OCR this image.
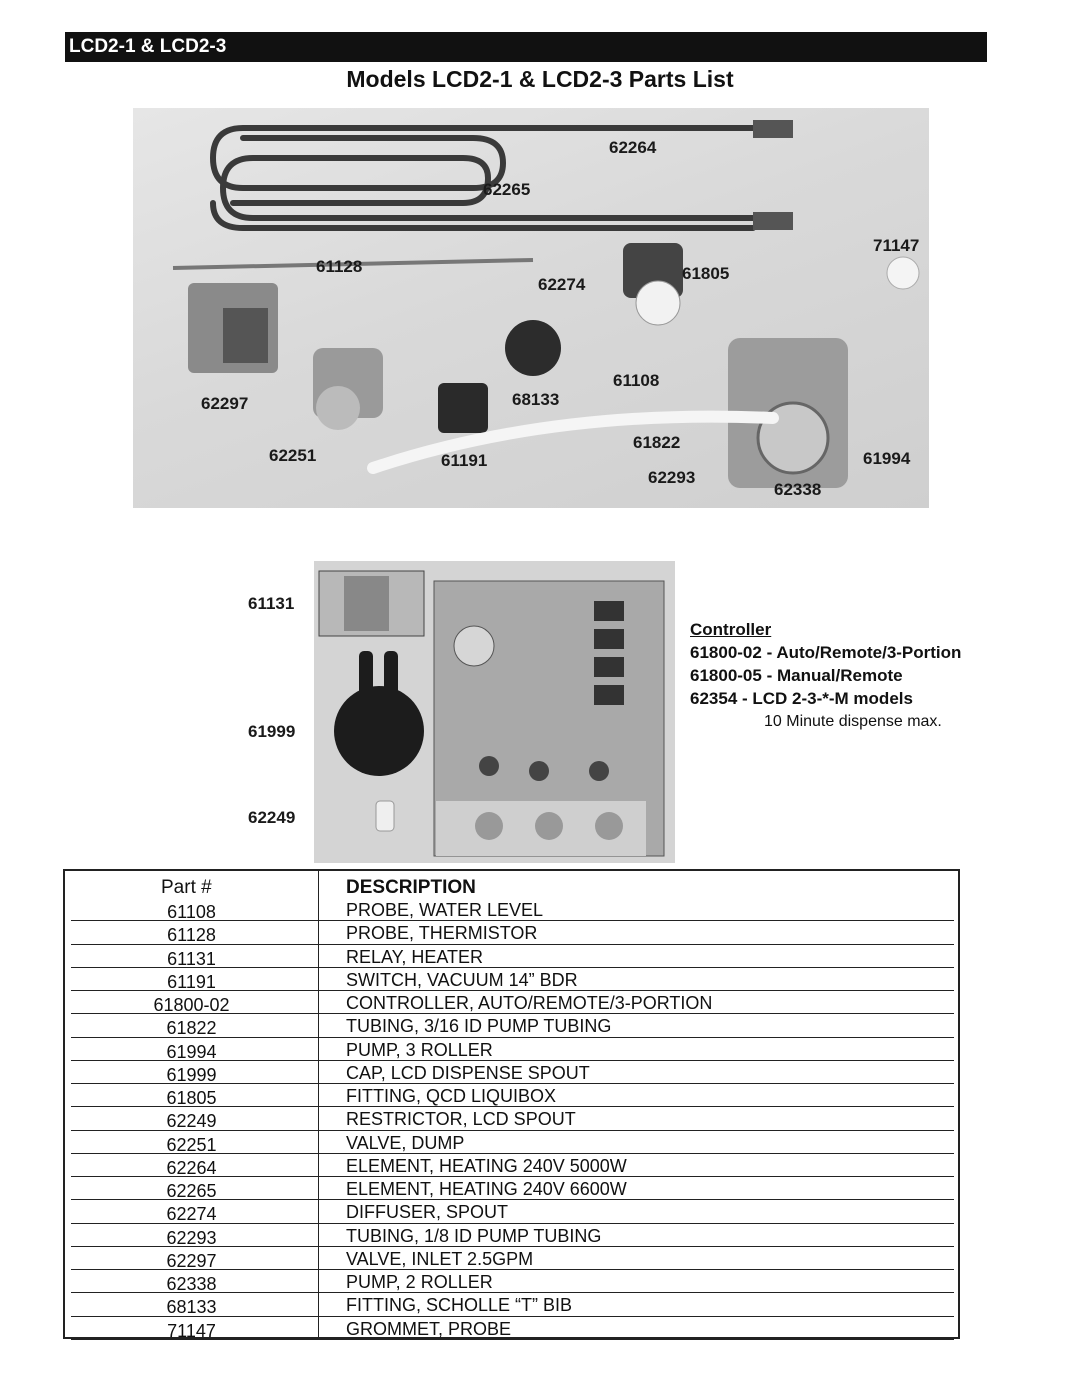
LCD2-1 & LCD2-3
Models LCD2-1 & LCD2-3 Parts List
62264
62265
71147
61128
62274
61805
61108
62297	68133
62251	61191
61822
62293
61994
62338
61131
61999
62249
Controller
61800-02 - Auto/Remote/3-Portion
61800-05 - Manual/Remote
62354 - LCD 2-3-*-M models
10 Minute dispense max.
Part #	DESCRIPTION
61108	PROBE, WATER LEVEL
61128	PROBE, THERMISTOR
61131	RELAY, HEATER
61191	SWITCH, VACUUM 14” BDR
61800-02	CONTROLLER, AUTO/REMOTE/3-PORTION
61822	TUBING, 3/16 ID PUMP TUBING
61994	PUMP, 3 ROLLER
61999	CAP, LCD DISPENSE SPOUT
61805	FITTING, QCD LIQUIBOX
62249	RESTRICTOR, LCD SPOUT
62251	VALVE, DUMP
62264	ELEMENT, HEATING 240V 5000W
62265	ELEMENT, HEATING 240V 6600W
62274	DIFFUSER, SPOUT
62293	TUBING, 1/8 ID PUMP TUBING
62297	VALVE, INLET 2.5GPM
62338	PUMP, 2 ROLLER
68133	FITTING, SCHOLLE “T” BIB
71147	GROMMET, PROBE
